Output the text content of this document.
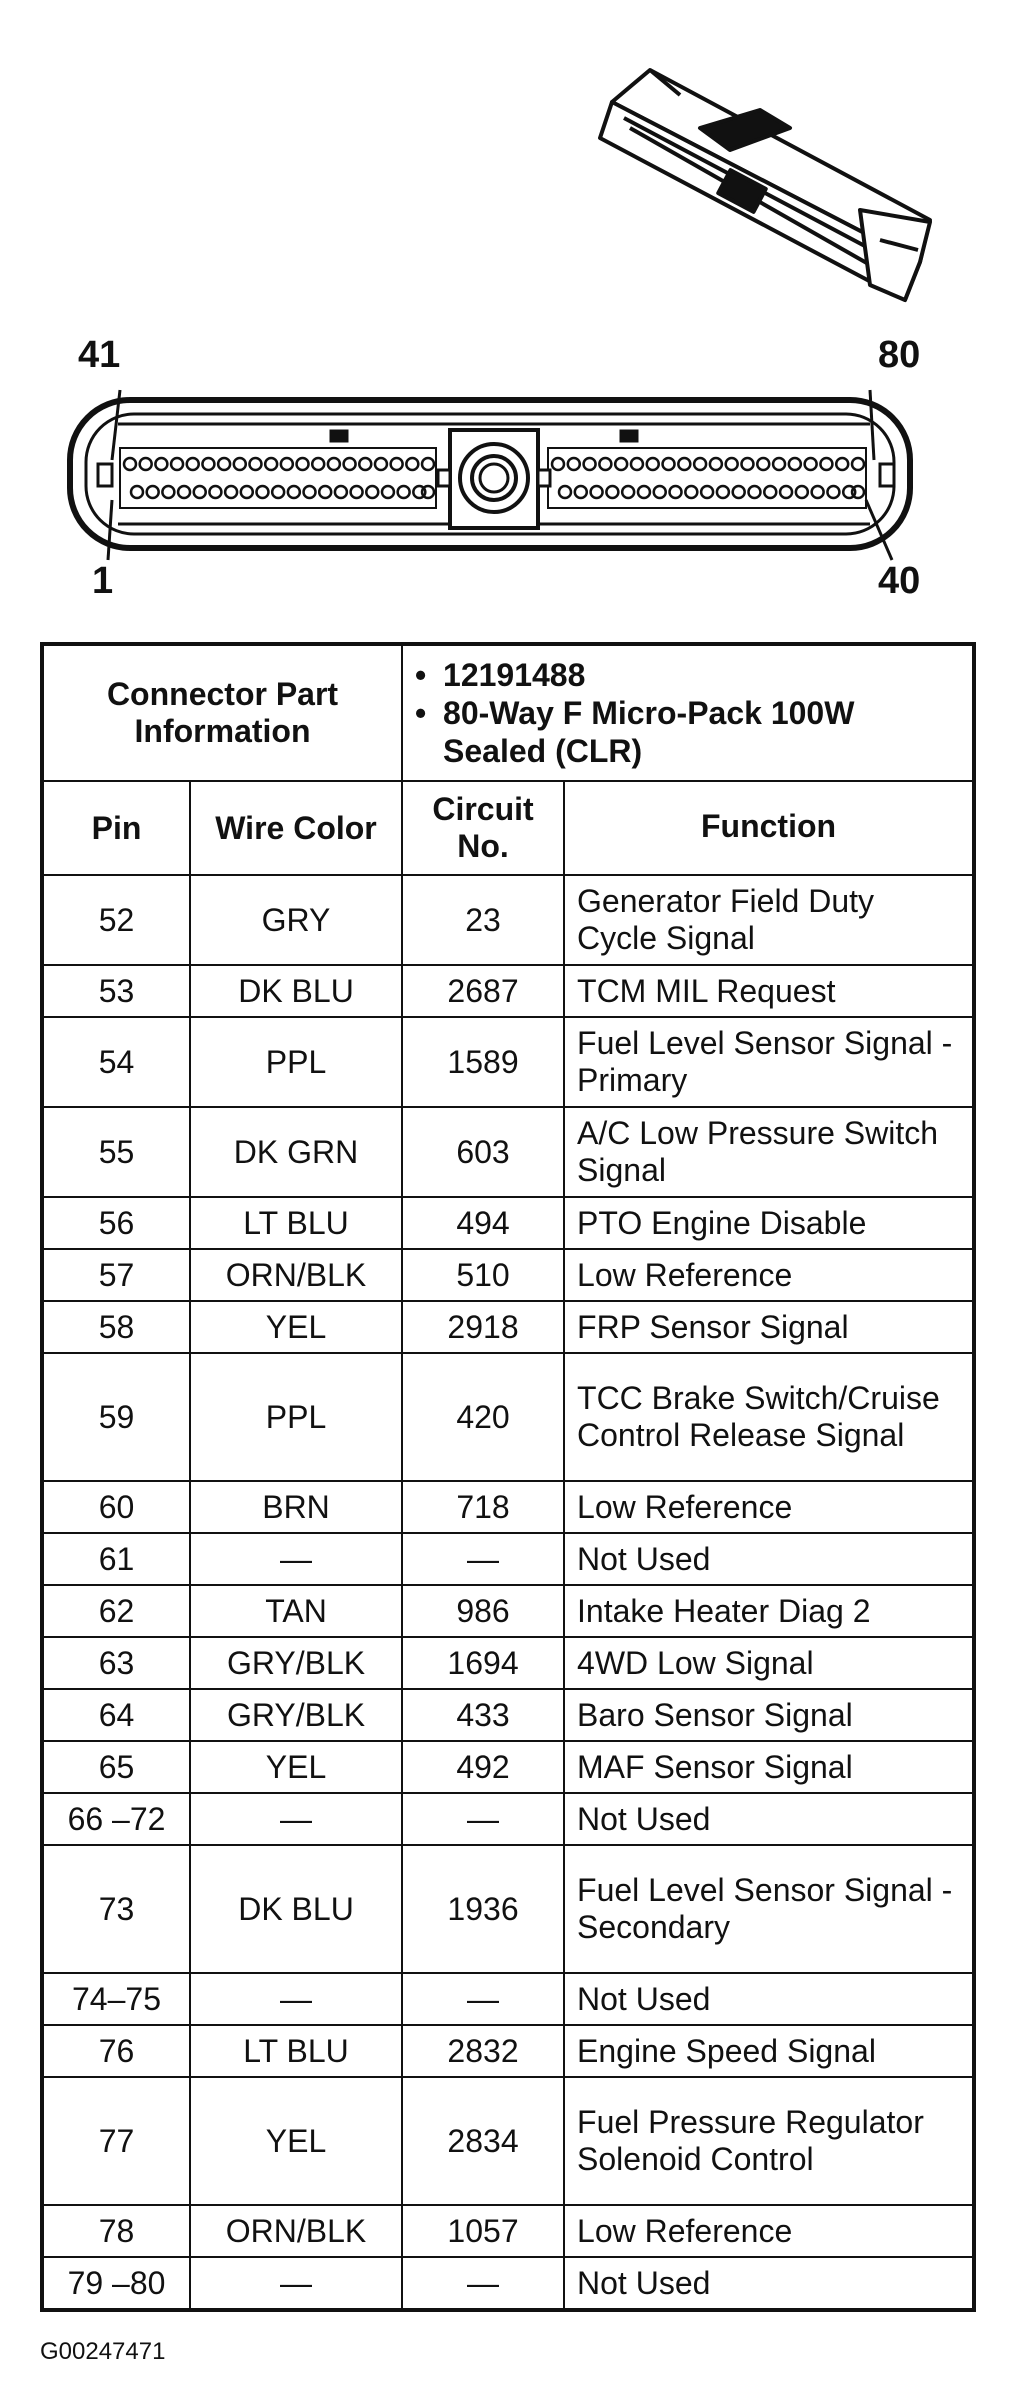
41	80
1	40
Connector Part Information		• 12191488
• 80-Way F Micro-Pack 100W Sealed (CLR)	

Pin	Wire Color	Circuit No.	Function
52	GRY	23	Generator Field Duty Cycle Signal
53	DK BLU	2687	TCM MIL Request
54	PPL	1589	Fuel Level Sensor Signal - Primary
55	DK GRN	603	A/C Low Pressure Switch Signal
56	LT BLU	494	PTO Engine Disable
57	ORN/BLK	510	Low Reference
58	YEL	2918	FRP Sensor Signal
59	PPL	420	TCC Brake Switch/Cruise Control Release Signal
60	BRN	718	Low Reference
61	—	—	Not Used
62	TAN	986	Intake Heater Diag 2
63	GRY/BLK	1694	4WD Low Signal
64	GRY/BLK	433	Baro Sensor Signal
65	YEL	492	MAF Sensor Signal
66 –72	—	—	Not Used
73	DK BLU	1936	Fuel Level Sensor Signal - Secondary
74–75	—	—	Not Used
76	LT BLU	2832	Engine Speed Signal
77	YEL	2834	Fuel Pressure Regulator Solenoid Control
78	ORN/BLK	1057	Low Reference
79 –80	—	—	Not Used
G00247471
